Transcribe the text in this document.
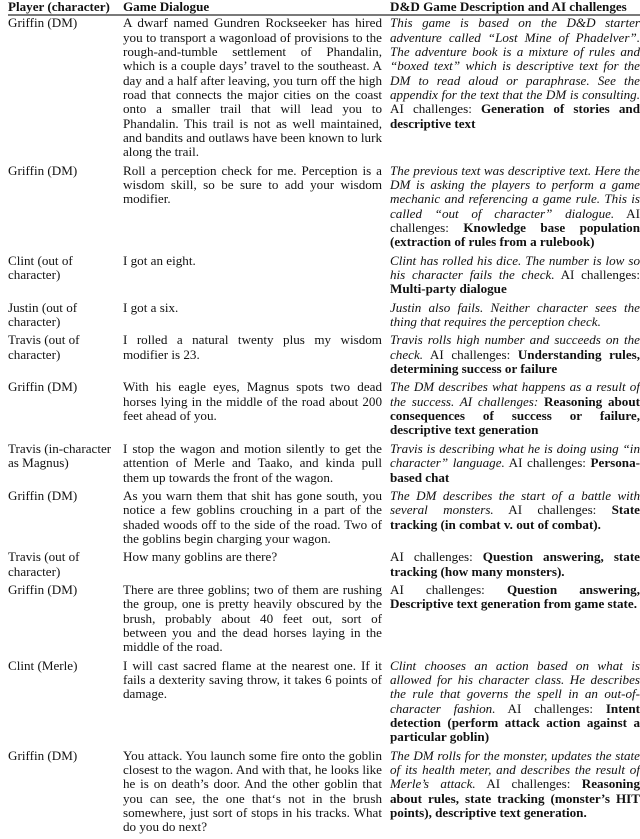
Player (character)	Game Dialogue	D&D Game Description and AI challenges
Griffin (DM)	A dwarf named Gundren Rockseeker has hired you to transport a wagonload of provisions to the rough-and-tumble settlement of Phandalin, which is a couple days’ travel to the southeast. A day and a half after leaving, you turn off the high road that connects the major cities on the coast onto a smaller trail that will lead you to Phandalin. This trail is not as well maintained, and bandits and outlaws have been known to lurk along the trail.	This game is based on the D&D starter adventure called “Lost Mine of Phadelver”. The adventure book is a mixture of rules and “boxed text” which is descriptive text for the DM to read aloud or paraphrase. See the appendix for the text that the DM is consulting. AI challenges: Generation of stories and descriptive text
Griffin (DM)	Roll a perception check for me. Perception is a wisdom skill, so be sure to add your wisdom modifier.	The previous text was descriptive text. Here the DM is asking the players to perform a game mechanic and referencing a game rule. This is called “out of character” dialogue. AI challenges: Knowledge base population (extraction of rules from a rulebook)
Clint (out of character)	I got an eight.	Clint has rolled his dice. The number is low so his character fails the check. AI challenges: Multi-party dialogue
Justin (out of character)	I got a six.	Justin also fails. Neither character sees the thing that requires the perception check.
Travis (out of character)	I rolled a natural twenty plus my wisdom modifier is 23.	Travis rolls high number and succeeds on the check. AI challenges: Understanding rules, determining success or failure
Griffin (DM)	With his eagle eyes, Magnus spots two dead horses lying in the middle of the road about 200 feet ahead of you.	The DM describes what happens as a result of the success. AI challenges: Reasoning about consequences of success or failure, descriptive text generation
Travis (in-character as Magnus)	I stop the wagon and motion silently to get the attention of Merle and Taako, and kinda pull them up towards the front of the wagon.	Travis is describing what he is doing using “in character” language. AI challenges: Persona-based chat
Griffin (DM)	As you warn them that shit has gone south, you notice a few goblins crouching in a part of the shaded woods off to the side of the road. Two of the goblins begin charging your wagon.	The DM describes the start of a battle with several monsters. AI challenges: State tracking (in combat v. out of combat).
Travis (out of character)	How many goblins are there?	AI challenges: Question answering, state tracking (how many monsters).
Griffin (DM)	There are three goblins; two of them are rushing the group, one is pretty heavily obscured by the brush, probably about 40 feet out, sort of between you and the dead horses laying in the middle of the road.	AI challenges: Question answering, Descriptive text generation from game state.
Clint (Merle)	I will cast sacred flame at the nearest one. If it fails a dexterity saving throw, it takes 6 points of damage.	Clint chooses an action based on what is allowed for his character class. He describes the rule that governs the spell in an out-of-character fashion. AI challenges: Intent detection (perform attack action against a particular goblin)
Griffin (DM)	You attack. You launch some fire onto the goblin closest to the wagon. And with that, he looks like he is on death’s door. And the other goblin that you can see, the one that‘s not in the brush somewhere, just sort of stops in his tracks. What do you do next?	The DM rolls for the monster, updates the state of its health meter, and describes the result of Merle’s attack. AI challenges: Reasoning about rules, state tracking (monster’s HIT points), descriptive text generation.
